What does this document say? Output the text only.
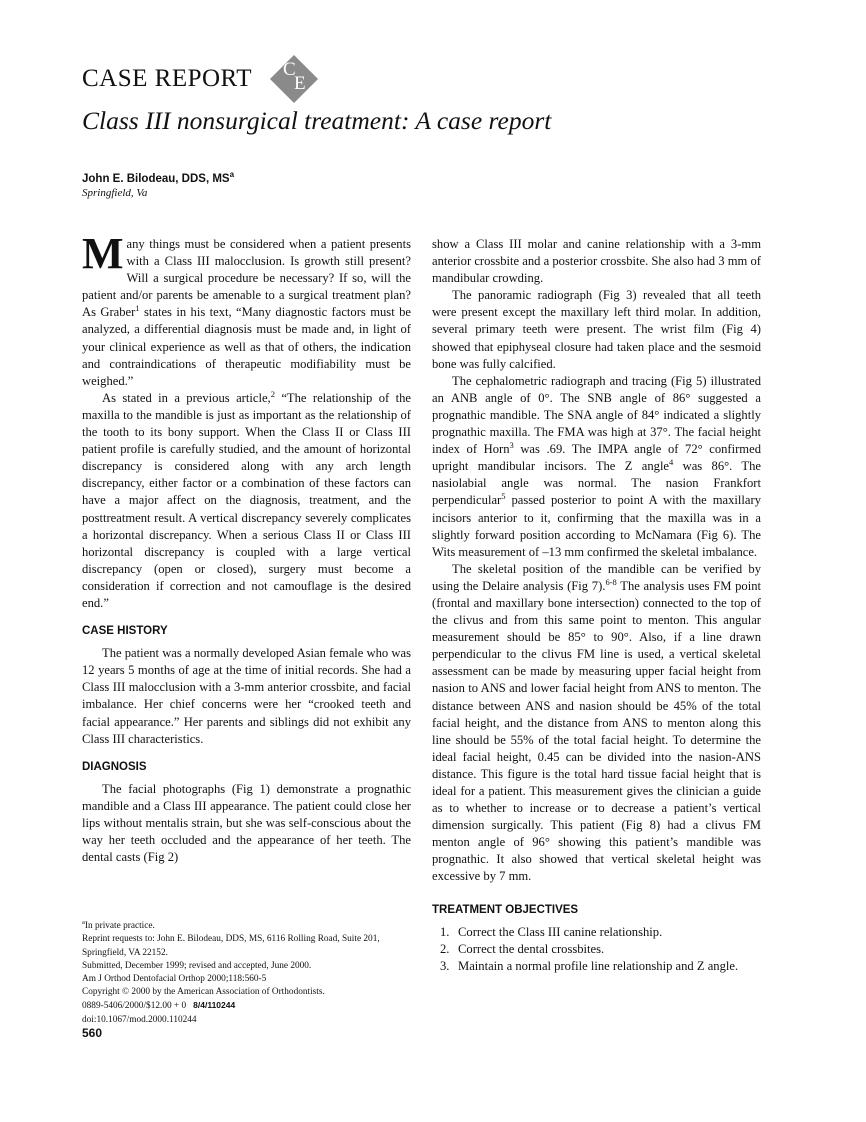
CASE REPORT C
E
Class III nonsurgical treatment: A case report
John E. Bilodeau, DDS, $MS^a$
Springfield, Va

Many things must be considered when a patient presents with a Class III malocclusion. Is growth still present? Will a surgical procedure be necessary? If so, will the patient and/or parents be amenable to a surgical treatment plan? As Graber$^1$ states in his text, “Many diagnostic factors must be analyzed, a differential diagnosis must be made and, in light of your clinical experience as well as that of others, the indication and contraindications of therapeutic modifiability must be weighed.”

As stated in a previous article,$^2$ “The relationship of the maxilla to the mandible is just as important as the relationship of the tooth to its bony support. When the Class II or Class III patient profile is carefully studied, and the amount of horizontal discrepancy is considered along with any arch length discrepancy, either factor or a combination of these factors can have a major affect on the diagnosis, treatment, and the posttreatment result. A vertical discrepancy severely complicates a horizontal discrepancy. When a serious Class II or Class III horizontal discrepancy is coupled with a large vertical discrepancy (open or closed), surgery must become a consideration if correction and not camouflage is the desired end.”

CASE HISTORY

The patient was a normally developed Asian female who was 12 years 5 months of age at the time of initial records. She had a Class III malocclusion with a 3-mm anterior crossbite, and facial imbalance. Her chief concerns were her “crooked teeth and facial appearance.” Her parents and siblings did not exhibit any Class III characteristics.

DIAGNOSIS

The facial photographs (Fig 1) demonstrate a prognathic mandible and a Class III appearance. The patient could close her lips without mentalis strain, but she was self-conscious about the way her teeth occluded and the appearance of her teeth. The dental casts (Fig 2)

show a Class III molar and canine relationship with a 3-mm anterior crossbite and a posterior crossbite. She also had 3 mm of mandibular crowding.

The panoramic radiograph (Fig 3) revealed that all teeth were present except the maxillary left third molar. In addition, several primary teeth were present. The wrist film (Fig 4) showed that epiphyseal closure had taken place and the sesmoid bone was fully calcified.

The cephalometric radiograph and tracing (Fig 5) illustrated an ANB angle of 0°. The SNB angle of 86° suggested a prognathic mandible. The SNA angle of 84° indicated a slightly prognathic maxilla. The FMA was high at 37°. The facial height index of Horn$^3$ was .69. The IMPA angle of 72° confirmed upright mandibular incisors. The Z angle$^4$ was 86°. The nasiolabial angle was normal. The nasion Frankfort perpendicular$^5$ passed posterior to point A with the maxillary incisors anterior to it, confirming that the maxilla was in a slightly forward position according to McNamara (Fig 6). The Wits measurement of –13 mm confirmed the skeletal imbalance.

The skeletal position of the mandible can be verified by using the Delaire analysis (Fig 7).$^{6-8}$ The analysis uses FM point (frontal and maxillary bone intersection) connected to the top of the clivus and from this same point to menton. This angular measurement should be 85° to 90°. Also, if a line drawn perpendicular to the clivus FM line is used, a vertical skeletal assessment can be made by measuring upper facial height from nasion to ANS and lower facial height from ANS to menton. The distance between ANS and nasion should be 45% of the total facial height, and the distance from ANS to menton along this line should be 55% of the total facial height. To determine the ideal facial height, 0.45 can be divided into the nasion-ANS distance. This figure is the total hard tissue facial height that is ideal for a patient. This measurement gives the clinician a guide as to whether to increase or to decrease a patient’s vertical dimension surgically. This patient (Fig 8) had a clivus FM menton angle of 96° showing this patient’s mandible was prognathic. It also showed that vertical skeletal height was excessive by 7 mm.

TREATMENT OBJECTIVES
1. Correct the Class III canine relationship.
2. Correct the dental crossbites.
3. Maintain a normal profile line relationship and Z angle.
$^a$In private practice.
Reprint requests to: John E. Bilodeau, DDS, MS, 6116 Rolling Road, Suite 201, Springfield, VA 22152.
Submitted, December 1999; revised and accepted, June 2000.
Am J Orthod Dentofacial Orthop 2000;118:560-5
Copyright © 2000 by the American Association of Orthodontists.
0889-5406/2000/$12.00 + 0 8/4/110244
doi:10.1067/mod.2000.110244
560
